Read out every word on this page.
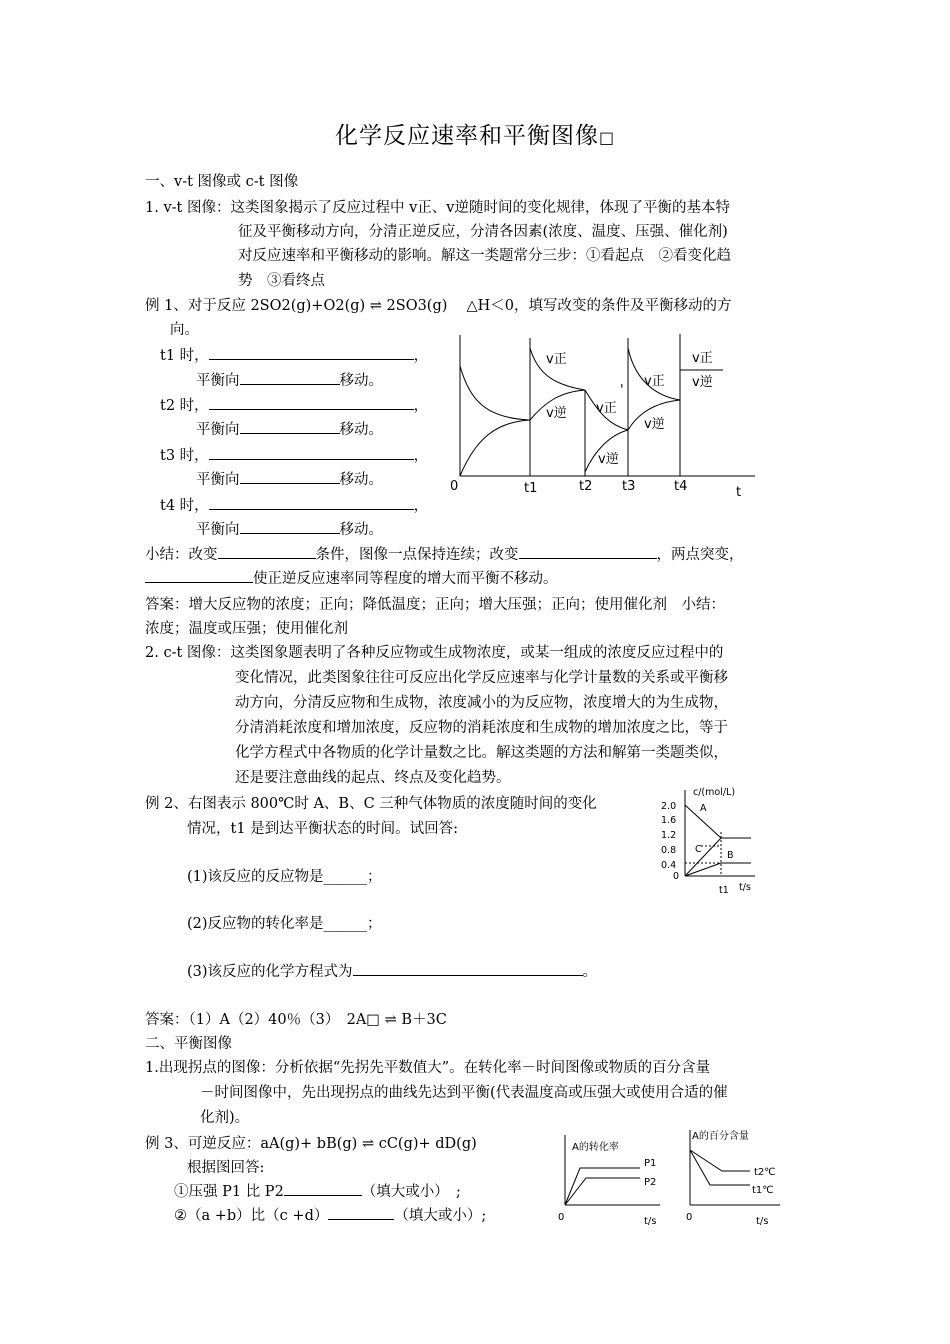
化学反应速率和平衡图像□
一、v-t 图像或 c-t 图像
1. v-t 图像：这类图象揭示了反应过程中 v正、v逆随时间的变化规律，体现了平衡的基本特
征及平衡移动方向，分清正逆反应，分清各因素(浓度、温度、压强、催化剂)
对反应速率和平衡移动的影响。解这一类题常分三步：①看起点　②看变化趋
势　③看终点
例 1、对于反应 2SO2(g)+O2(g) ⇌ 2SO3(g)　 △H＜0，填写改变的条件及平衡移动的方
向。
t1 时，	，
平衡向	移动。
t2 时，	，
平衡向	移动。
t3 时，	，
平衡向	移动。
t4 时，	，
平衡向	移动。
0	t1	t2 t3	t4	t
v正
v逆 v正
v逆
v正
v逆
v正
v逆
'
小结：改变	条件，图像一点保持连续；改变	，两点突变，
使正逆反应速率同等程度的增大而平衡不移动。
答案：增大反应物的浓度；正向；降低温度；正向；增大压强；正向；使用催化剂　小结：
浓度；温度或压强；使用催化剂
2. c-t 图像：这类图象题表明了各种反应物或生成物浓度，或某一组成的浓度反应过程中的
变化情况，此类图象往往可反应出化学反应速率与化学计量数的关系或平衡移
动方向，分清反应物和生成物，浓度减小的为反应物，浓度增大的为生成物，
分清消耗浓度和增加浓度，反应物的消耗浓度和生成物的增加浓度之比，等于
化学方程式中各物质的化学计量数之比。解这类题的方法和解第一类题类似，
还是要注意曲线的起点、终点及变化趋势。
例 2、右图表示 800℃时 A、B、C 三种气体物质的浓度随时间的变化
情况，t1 是到达平衡状态的时间。试回答:
c/(mol/L)
2.0
1.6
1.2
0.8
0.4
0
t1 t/s
A
C
B
(1)该反应的反应物是______；
(2)反应物的转化率是______；
(3)该反应的化学方程式为	。
答案：（1）A（2）40％（3）　2A□ ⇌ B＋3C
二、平衡图像
1.出现拐点的图像：分析依据“先拐先平数值大”。在转化率－时间图像或物质的百分含量
－时间图像中，先出现拐点的曲线先达到平衡(代表温度高或压强大或使用合适的催
化剂)。
例 3、可逆反应：aA(g)+ bB(g) ⇌ cC(g)+ dD(g)
根据图回答:
①压强 P1 比 P2	（填大或小）　;
②（a +b）比（c +d）	（填大或小）;
A的转化率
P1
P2
0	t/s
A的百分含量
t2℃
t1℃
0	t/s
